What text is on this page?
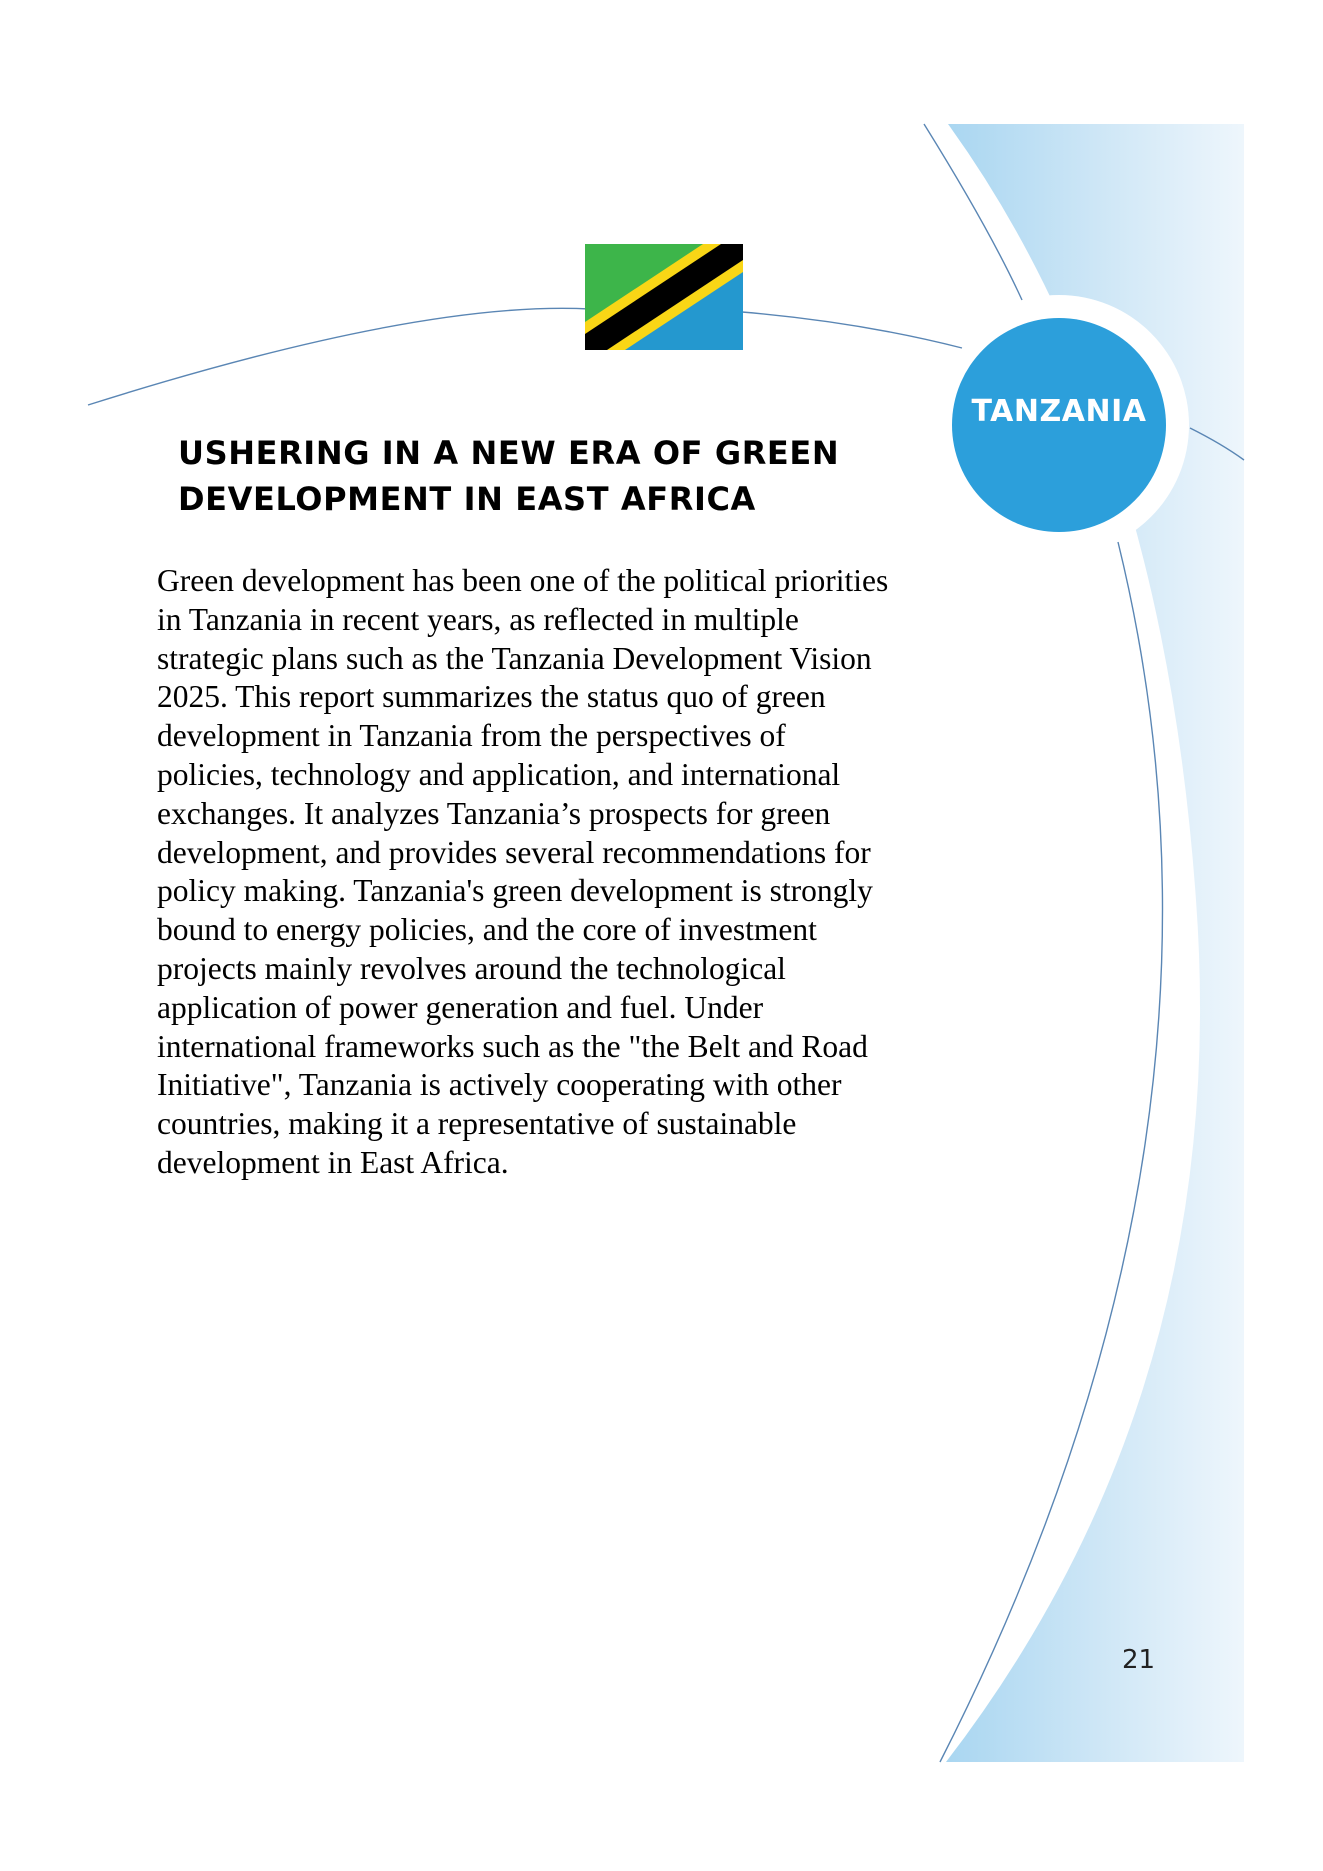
TANZANIA
USHERING IN A NEW ERA OF GREEN
DEVELOPMENT IN EAST AFRICA

Green development has been one of the political priorities
in Tanzania in recent years, as reflected in multiple
strategic plans such as the Tanzania Development Vision
2025. This report summarizes the status quo of green
development in Tanzania from the perspectives of
policies, technology and application, and international
exchanges. It analyzes Tanzania’s prospects for green
development, and provides several recommendations for
policy making. Tanzania's green development is strongly
bound to energy policies, and the core of investment
projects mainly revolves around the technological
application of power generation and fuel. Under
international frameworks such as the "the Belt and Road
Initiative", Tanzania is actively cooperating with other
countries, making it a representative of sustainable
development in East Africa.

21
